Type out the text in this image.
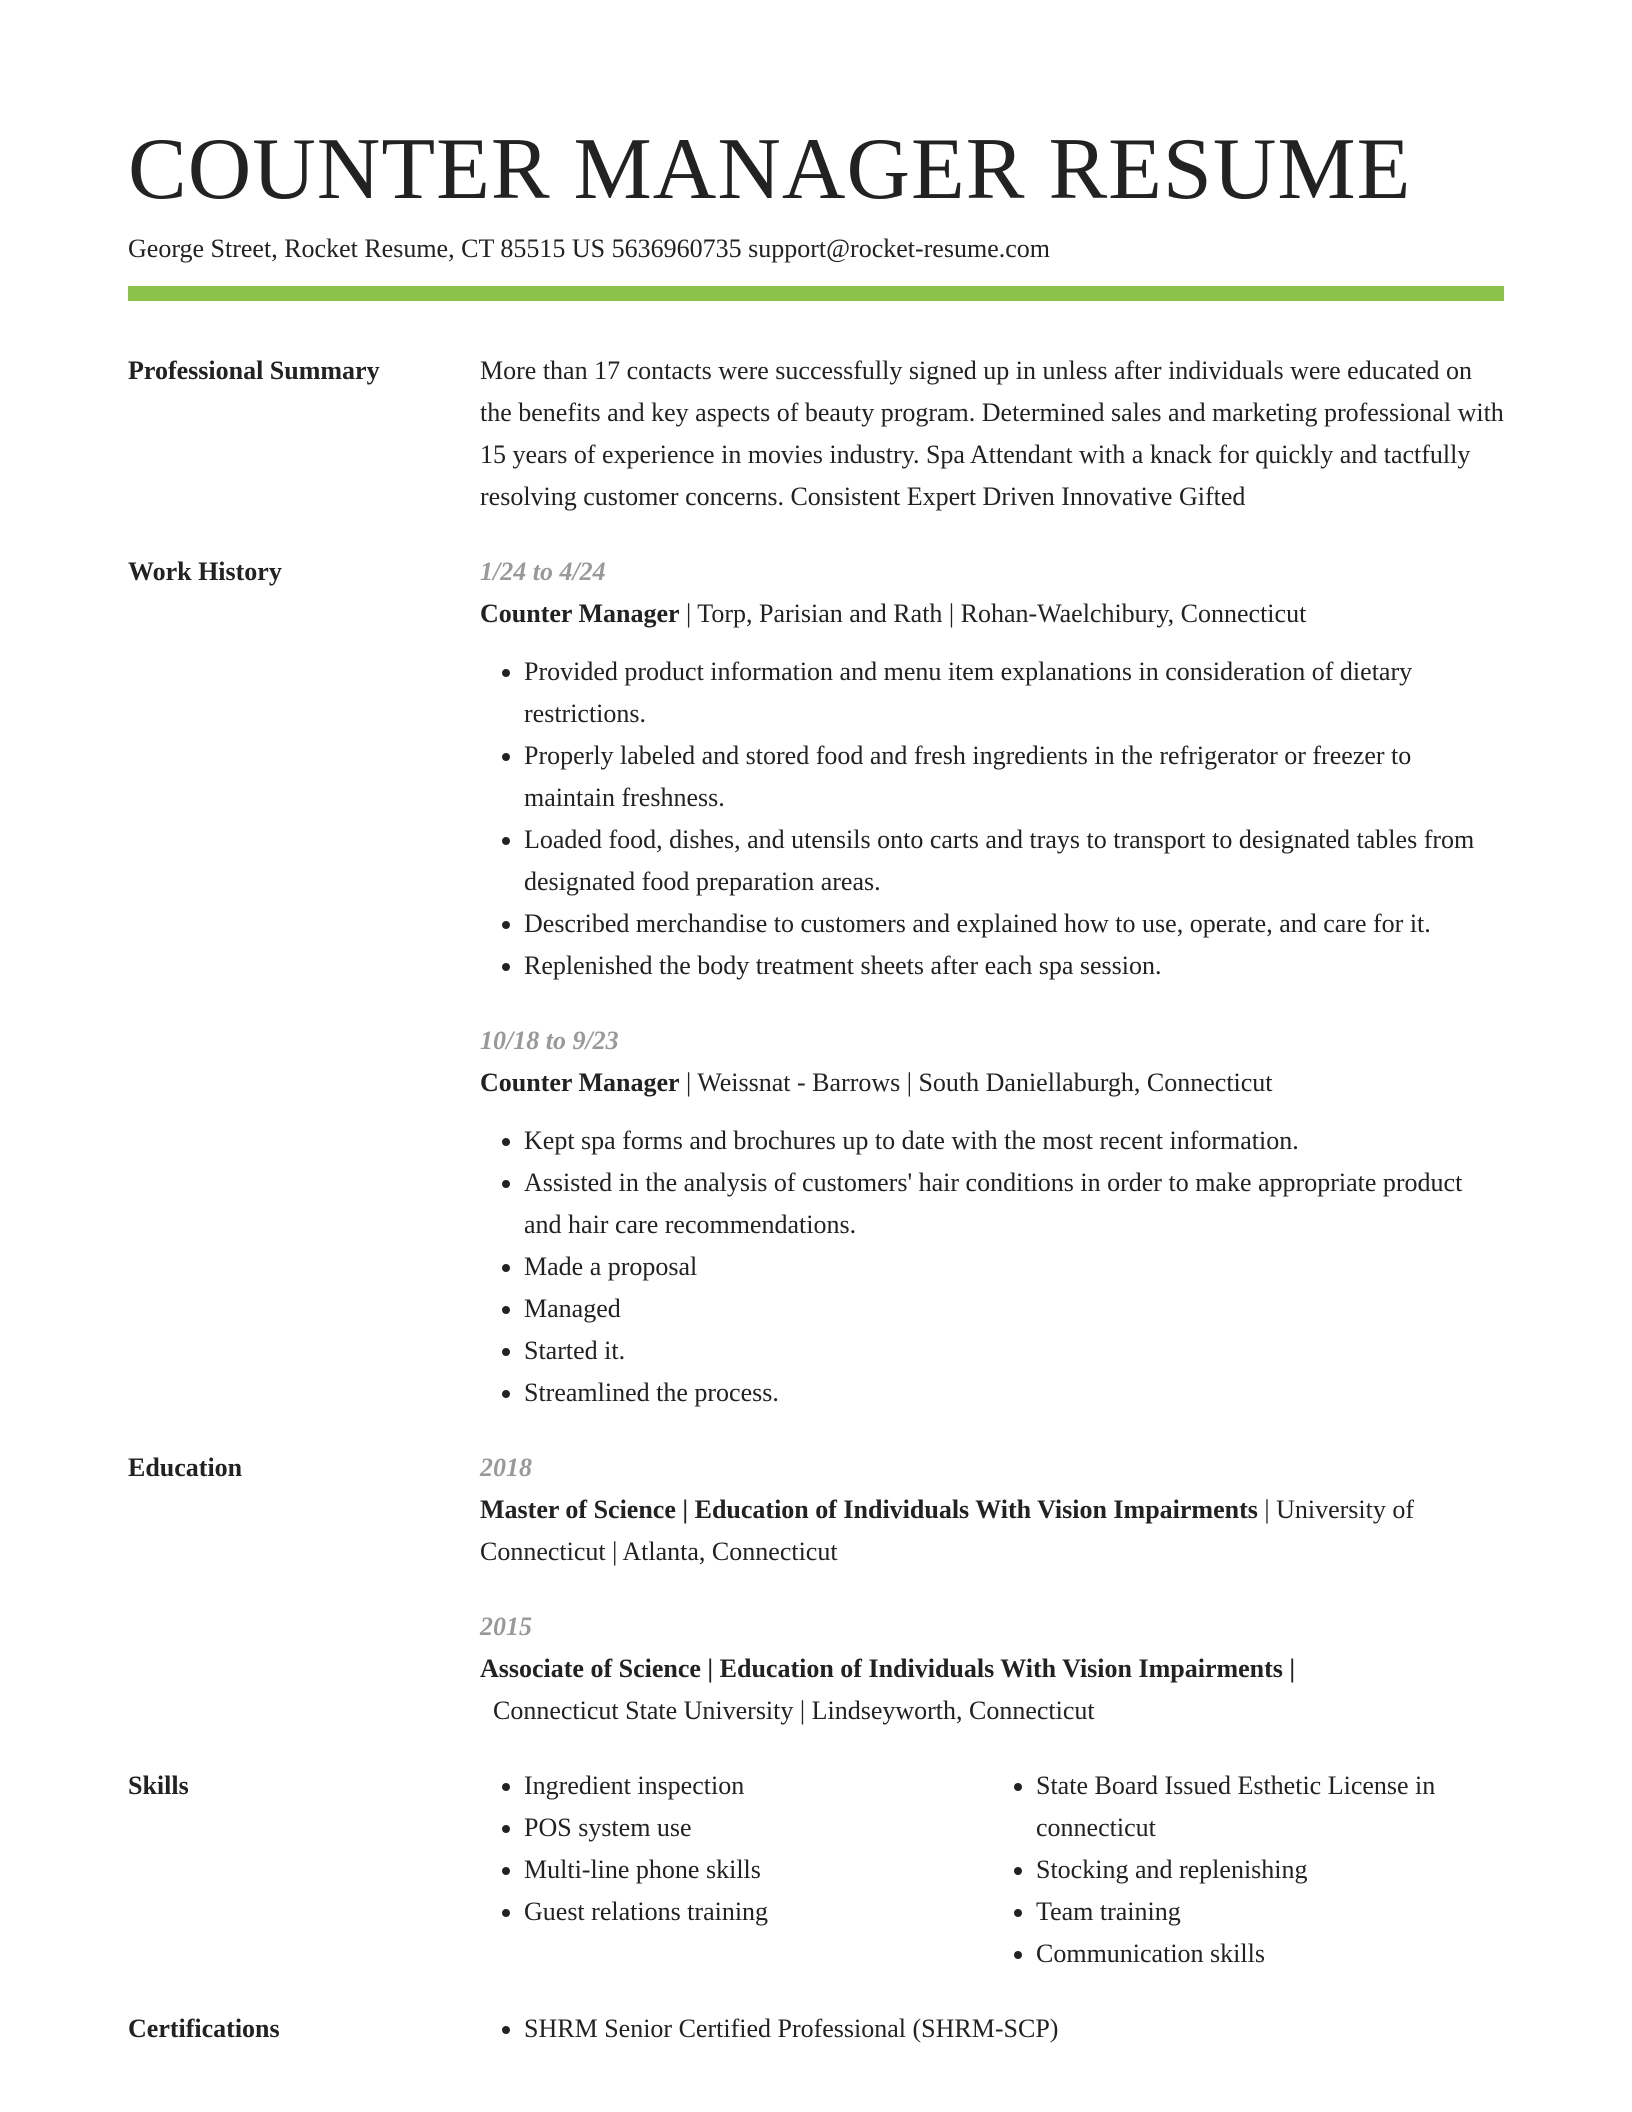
COUNTER MANAGER RESUME
George Street, Rocket Resume, CT 85515 US 5636960735 support@rocket-resume.com
Professional Summary	More than 17 contacts were successfully signed up in unless after individuals were educated on the benefits and key aspects of beauty program. Determined sales and marketing professional with 15 years of experience in movies industry. Spa Attendant with a knack for quickly and tactfully resolving customer concerns. Consistent Expert Driven Innovative Gifted

Work History	1/24 to 4/24
Counter Manager | Torp, Parisian and Rath | Rohan-Waelchibury, Connecticut
• Provided product information and menu item explanations in consideration of dietary restrictions.
• Properly labeled and stored food and fresh ingredients in the refrigerator or freezer to maintain freshness.
• Loaded food, dishes, and utensils onto carts and trays to transport to designated tables from designated food preparation areas.
• Described merchandise to customers and explained how to use, operate, and care for it.
• Replenished the body treatment sheets after each spa session.
10/18 to 9/23
Counter Manager | Weissnat - Barrows | South Daniellaburgh, Connecticut
• Kept spa forms and brochures up to date with the most recent information.
• Assisted in the analysis of customers' hair conditions in order to make appropriate product and hair care recommendations.
• Made a proposal
• Managed
• Started it.
• Streamlined the process.
Education	2018
Master of Science | Education of Individuals With Vision Impairments | University of Connecticut | Atlanta, Connecticut
2015
Associate of Science | Education of Individuals With Vision Impairments |
Connecticut State University | Lindseyworth, Connecticut
Skills	• Ingredient inspection
• POS system use
• Multi-line phone skills
• Guest relations training
• State Board Issued Esthetic License in connecticut
• Stocking and replenishing
• Team training
• Communication skills
Certifications	• SHRM Senior Certified Professional (SHRM-SCP)
